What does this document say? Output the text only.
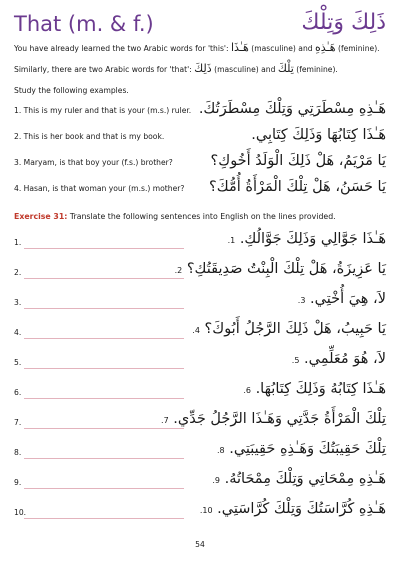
That (m. & f.)	ذَلِكَ وَتِلْكَ
You have already learned the two Arabic words for 'this': هَـٰذَا (masculine) and هَـٰذِهِ (feminine).
Similarly, there are two Arabic words for 'that': ذَلِكَ (masculine) and تِلْكَ (feminine).
Study the following examples.
1. This is my ruler and that is your (m.s.) ruler. هَـٰذِهِ مِسْطَرَتِي وَتِلْكَ مِسْطَرَتُكَ.
2. This is her book and that is my book.	هَـٰذَا كِتَابُهَا وَذَلِكَ كِتَابِي.
3. Maryam, is that boy your (f.s.) brother?	يَا مَرْيَمُ، هَلْ ذَلِكَ الْوَلَدُ أَخُوكِ؟
4. Hasan, is that woman your (m.s.) mother? يَا حَسَنُ، هَلْ تِلْكَ الْمَرْأَةُ أُمُّكَ؟
Exercise 31: Translate the following sentences into English on the lines provided.
1.	هَـٰذَا جَوَّالِي وَذَلِكَ جَوَّالُكِ. 1.
2.	يَا عَزِيزَةُ، هَلْ تِلْكَ الْبِنْتُ صَدِيقَتُكِ؟ 2.
3.	لاَ، هِيَ أُخْتِي. 3.
4.	يَا حَبِيبُ، هَلْ ذَلِكَ الرَّجُلُ أَبُوكَ؟ 4.
5.	لاَ، هُوَ مُعَلِّمِي. 5.
6.	هَـٰذَا كِتَابُهُ وَذَلِكَ كِتَابُهَا. 6.
7.	تِلْكَ الْمَرْأَةُ جَدَّتِي وَهَـٰذَا الرَّجُلُ جَدِّي. 7.
8.	تِلْكَ حَقِيبَتُكَ وَهَـٰذِهِ حَقِيبَتِي. 8.
9.	هَـٰذِهِ مِمْحَاتِي وَتِلْكَ مِمْحَاتُهُ. 9.
10.	هَـٰذِهِ كُرَّاسَتُكَ وَتِلْكَ كُرَّاسَتِي. 10.
54
